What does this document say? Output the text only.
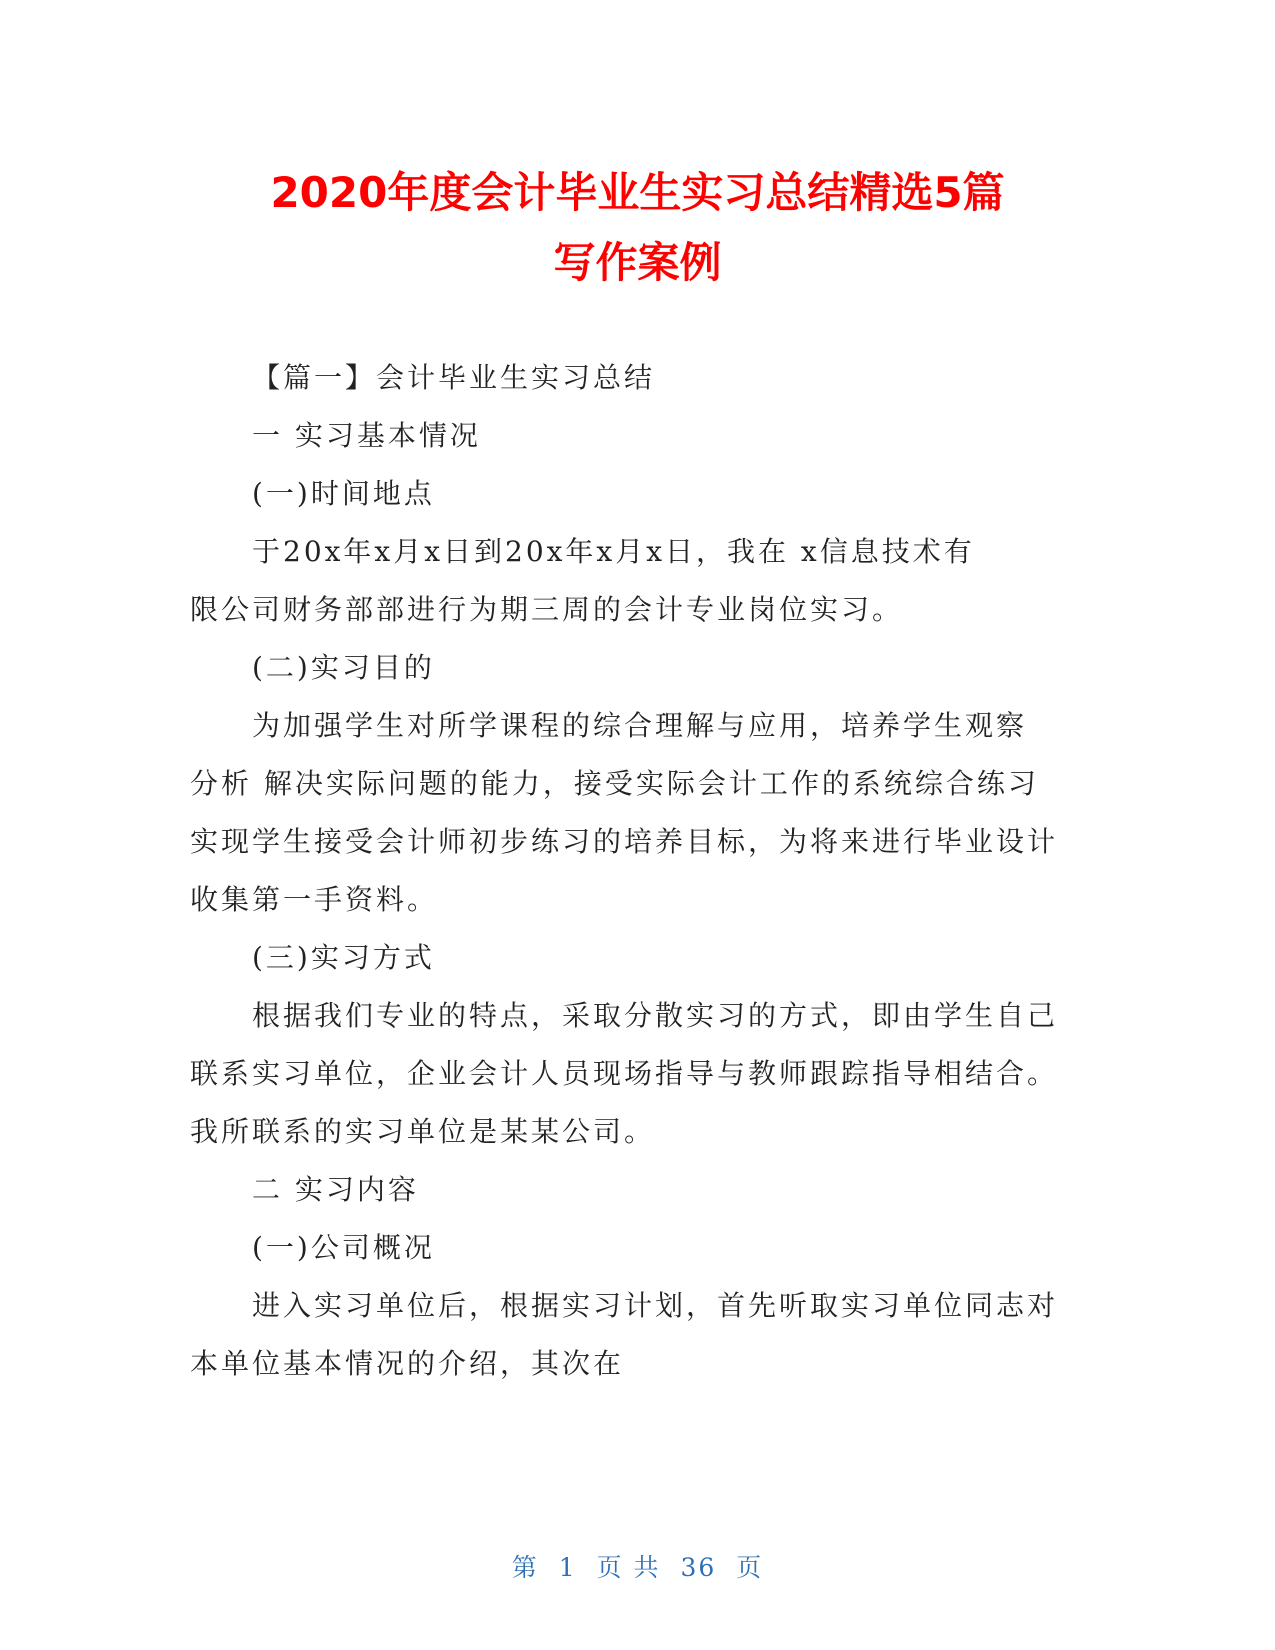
2020年度会计毕业生实习总结精选5篇
写作案例
【篇一】会计毕业生实习总结
一 实习基本情况
(一)时间地点
于20x年x月x日到20x年x月x日，我在 x信息技术有
限公司财务部部进行为期三周的会计专业岗位实习。
(二)实习目的
为加强学生对所学课程的综合理解与应用，培养学生观察
分析 解决实际问题的能力，接受实际会计工作的系统综合练习
实现学生接受会计师初步练习的培养目标，为将来进行毕业设计
收集第一手资料。
(三)实习方式
根据我们专业的特点，采取分散实习的方式，即由学生自己
联系实习单位，企业会计人员现场指导与教师跟踪指导相结合。
我所联系的实习单位是某某公司。
二 实习内容
(一)公司概况
进入实习单位后，根据实习计划，首先听取实习单位同志对
本单位基本情况的介绍，其次在
第 1 页 共 36 页
